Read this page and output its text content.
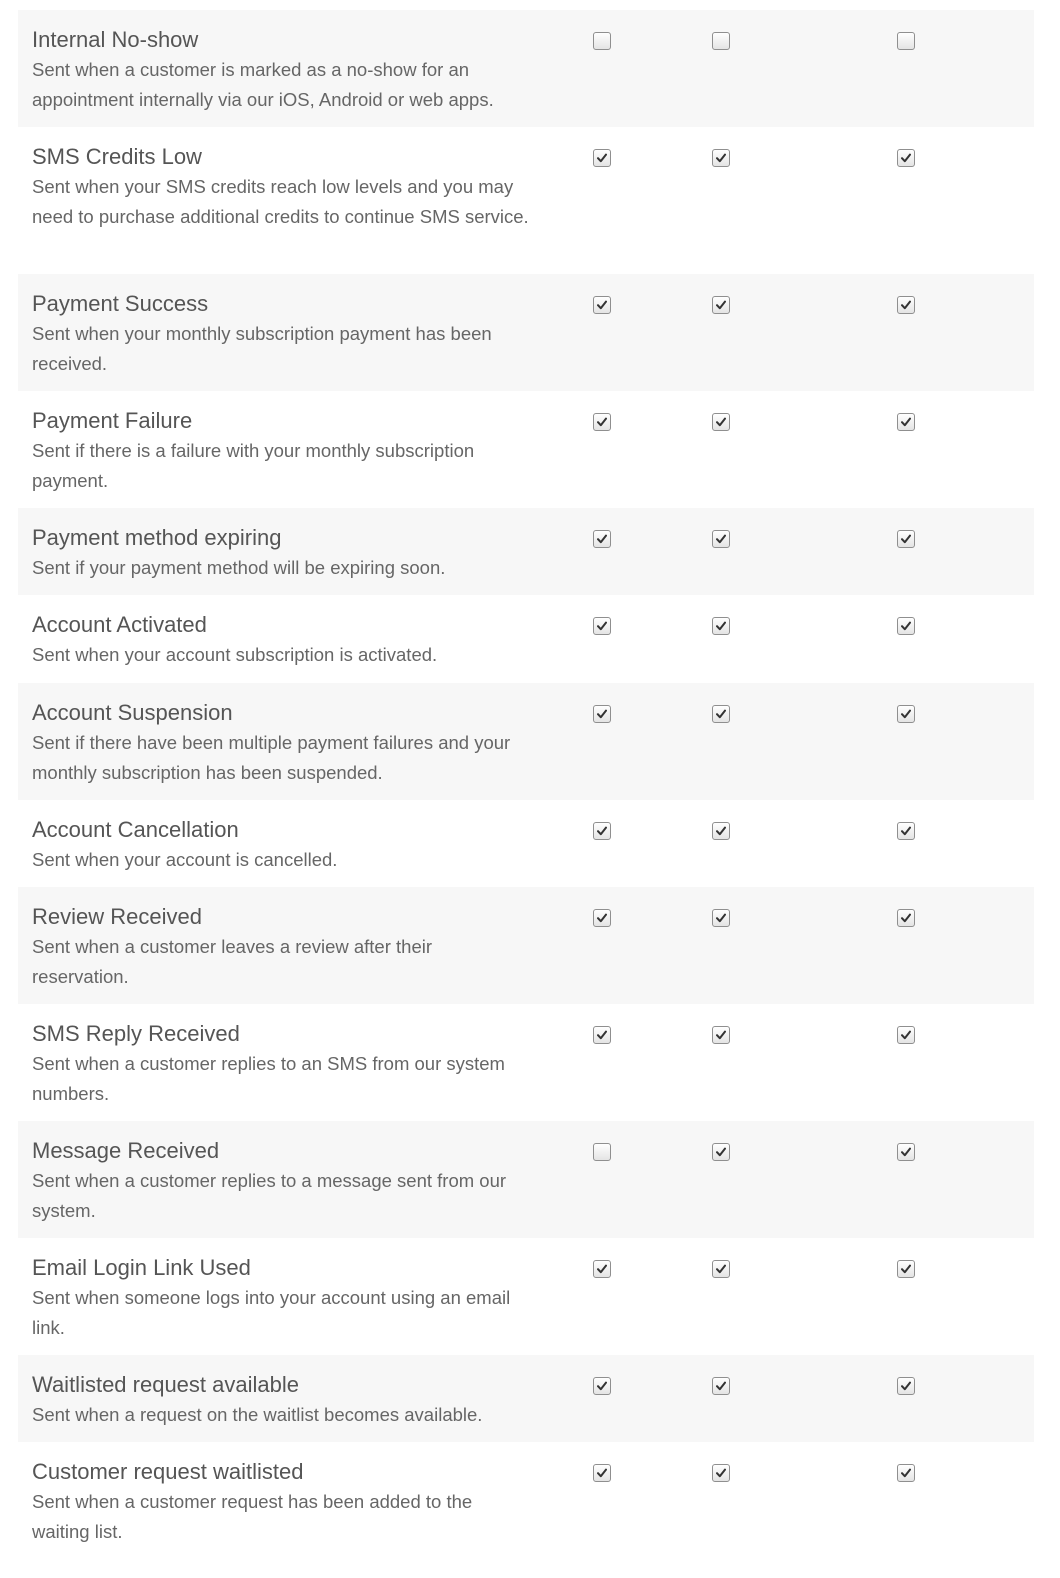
Internal No-show
Sent when a customer is marked as a no-show for an appointment internally via our iOS, Android or web apps.
SMS Credits Low
Sent when your SMS credits reach low levels and you may need to purchase additional credits to continue SMS service.
Payment Success
Sent when your monthly subscription payment has been received.
Payment Failure
Sent if there is a failure with your monthly subscription payment.
Payment method expiring
Sent if your payment method will be expiring soon.
Account Activated
Sent when your account subscription is activated.
Account Suspension
Sent if there have been multiple payment failures and your monthly subscription has been suspended.
Account Cancellation
Sent when your account is cancelled.
Review Received
Sent when a customer leaves a review after their reservation.
SMS Reply Received
Sent when a customer replies to an SMS from our system numbers.
Message Received
Sent when a customer replies to a message sent from our system.
Email Login Link Used
Sent when someone logs into your account using an email link.
Waitlisted request available
Sent when a request on the waitlist becomes available.
Customer request waitlisted
Sent when a customer request has been added to the waiting list.
